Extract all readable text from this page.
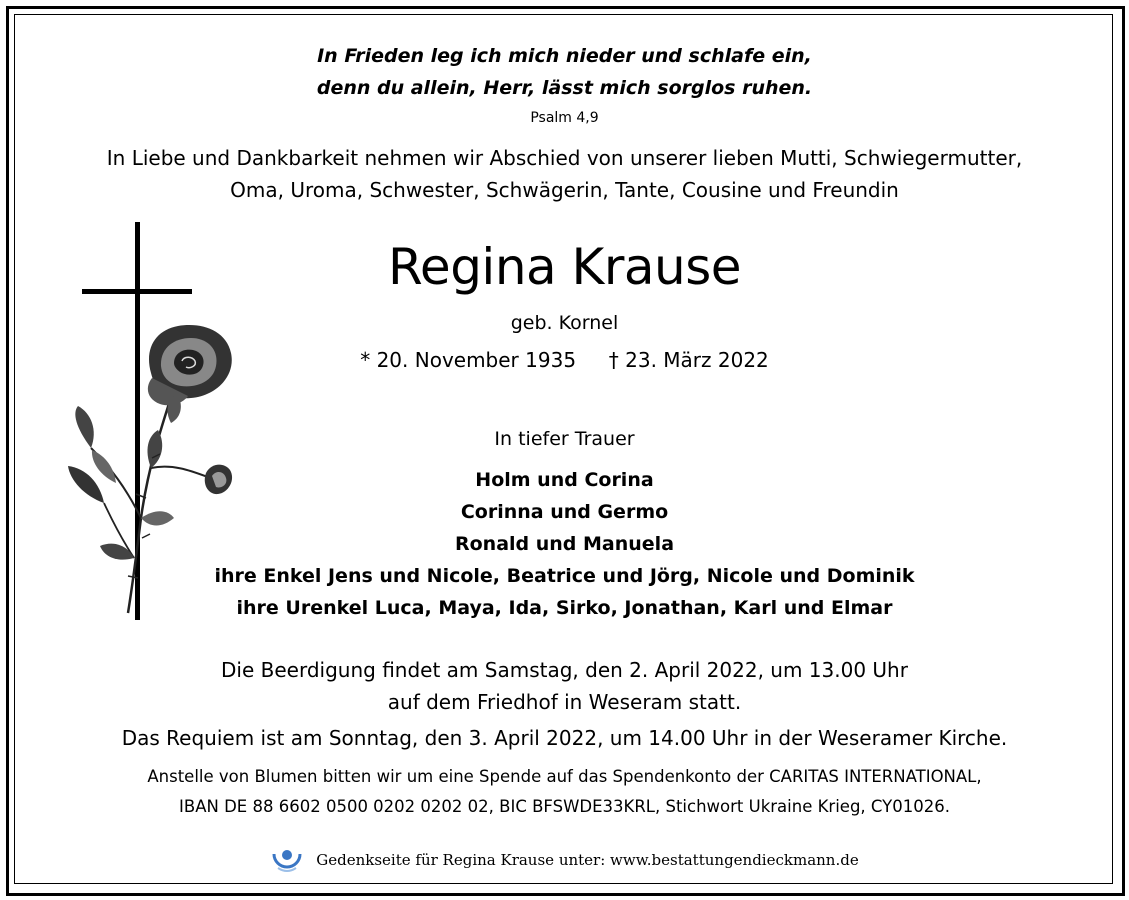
In Frieden leg ich mich nieder und schlafe ein,
denn du allein, Herr, lässt mich sorglos ruhen.
Psalm 4,9
In Liebe und Dankbarkeit nehmen wir Abschied von unserer lieben Mutti, Schwiegermutter,
Oma, Uroma, Schwester, Schwägerin, Tante, Cousine und Freundin
Regina Krause
geb. Kornel
* 20. November 1935 † 23. März 2022
In tiefer Trauer
Holm und Corina
Corinna und Germo
Ronald und Manuela
ihre Enkel Jens und Nicole, Beatrice und Jörg, Nicole und Dominik
ihre Urenkel Luca, Maya, Ida, Sirko, Jonathan, Karl und Elmar
Die Beerdigung findet am Samstag, den 2. April 2022, um 13.00 Uhr
auf dem Friedhof in Weseram statt.
Das Requiem ist am Sonntag, den 3. April 2022, um 14.00 Uhr in der Weseramer Kirche.
Anstelle von Blumen bitten wir um eine Spende auf das Spendenkonto der CARITAS INTERNATIONAL,
IBAN DE 88 6602 0500 0202 0202 02, BIC BFSWDE33KRL, Stichwort Ukraine Krieg, CY01026.
Gedenkseite für Regina Krause unter: www.bestattungendieckmann.de
